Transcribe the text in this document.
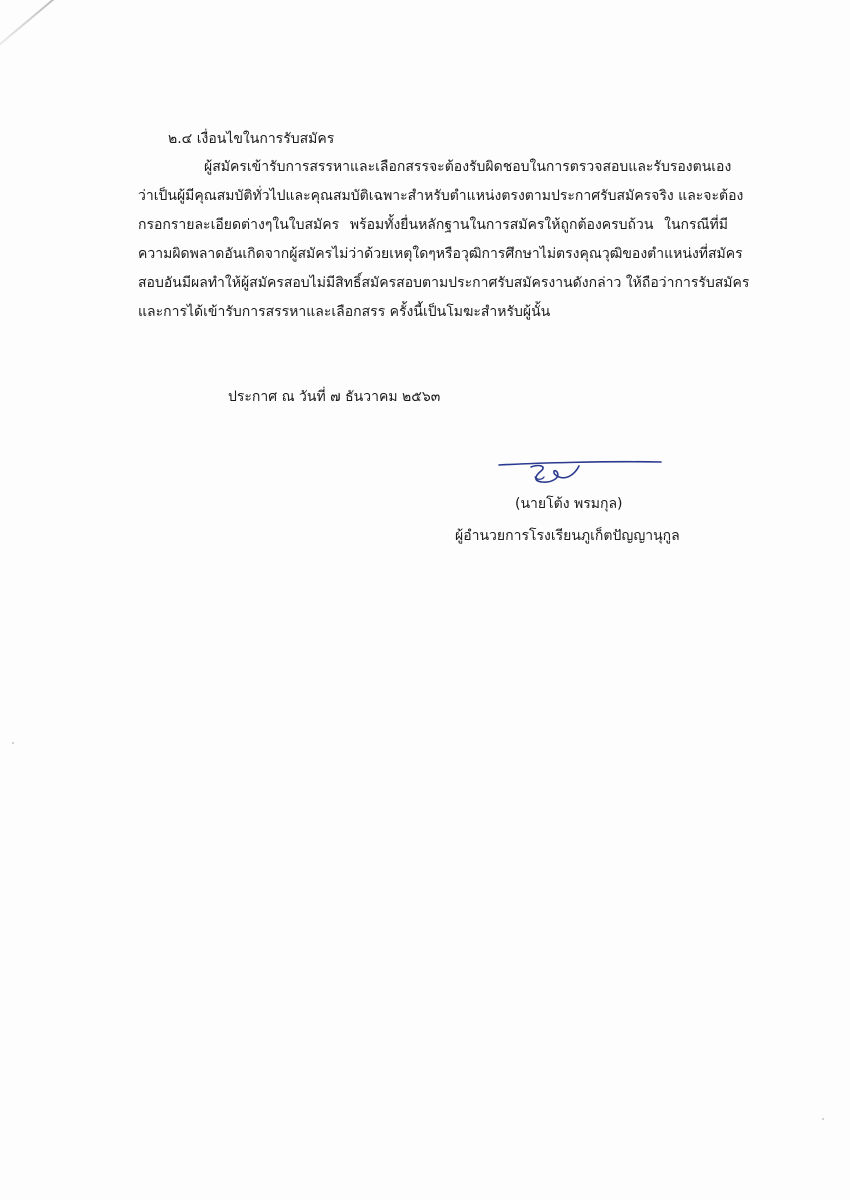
๒.๔ เงื่อนไขในการรับสมัคร
ผู้สมัครเข้ารับการสรรหาและเลือกสรรจะต้องรับผิดชอบในการตรวจสอบและรับรองตนเอง
ว่าเป็นผู้มีคุณสมบัติทั่วไปและคุณสมบัติเฉพาะสำหรับตำแหน่งตรงตามประกาศรับสมัครจริง และจะต้อง
กรอกรายละเอียดต่างๆในใบสมัคร พร้อมทั้งยื่นหลักฐานในการสมัครให้ถูกต้องครบถ้วน ในกรณีที่มี
ความผิดพลาดอันเกิดจากผู้สมัครไม่ว่าด้วยเหตุใดๆหรือวุฒิการศึกษาไม่ตรงคุณวุฒิของตำแหน่งที่สมัคร
สอบอันมีผลทำให้ผู้สมัครสอบไม่มีสิทธิ์สมัครสอบตามประกาศรับสมัครงานดังกล่าว ให้ถือว่าการรับสมัคร
และการได้เข้ารับการสรรหาและเลือกสรร ครั้งนี้เป็นโมฆะสำหรับผู้นั้น
ประกาศ ณ วันที่ ๗ ธันวาคม ๒๕๖๓
(นายโต้ง พรมกุล)
ผู้อำนวยการโรงเรียนภูเก็ตปัญญานุกูล
